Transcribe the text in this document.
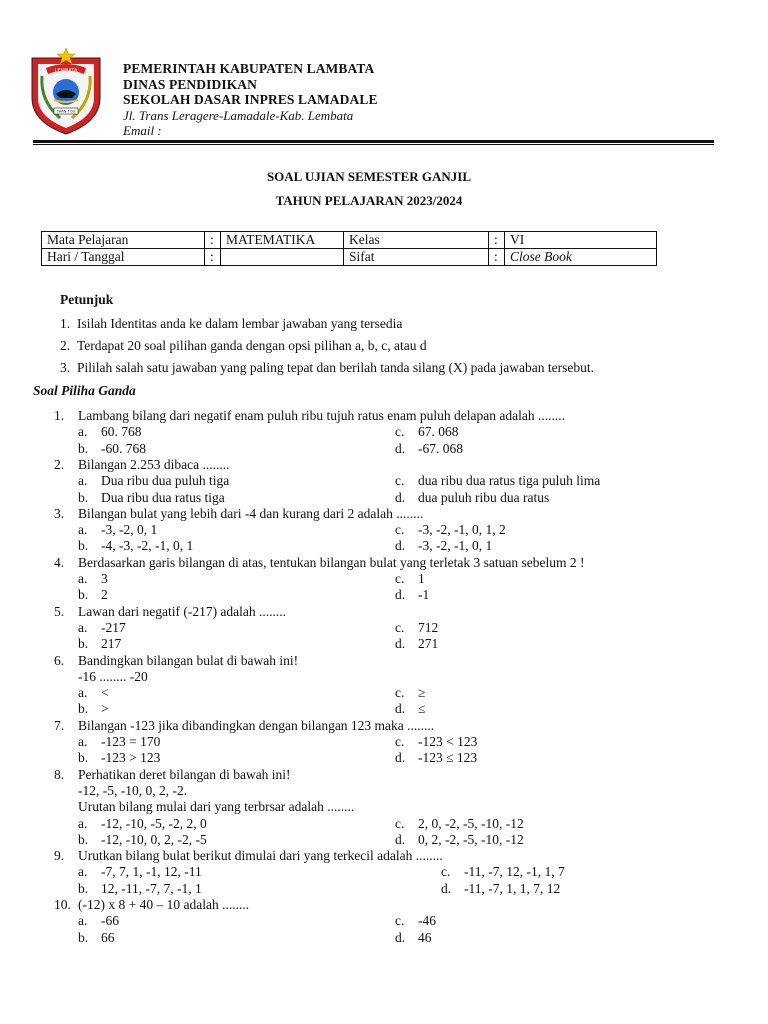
LEMBATA
TAAN TOU
PEMERINTAH KABUPATEN LAMBATA
DINAS PENDIDIKAN
SEKOLAH DASAR INPRES LAMADALE
Jl. Trans Leragere-Lamadale-Kab. Lembata
Email :
SOAL UJIAN SEMESTER GANJIL
TAHUN PELAJARAN 2023/2024
Mata Pelajaran	:	MATEMATIKA	Kelas	:	VI
Hari / Tanggal	:		Sifat	:	Close Book
Petunjuk
1. Isilah Identitas anda ke dalam lembar jawaban yang tersedia
2. Terdapat 20 soal pilihan ganda dengan opsi pilihan a, b, c, atau d
3. Pililah salah satu jawaban yang paling tepat dan berilah tanda silang (X) pada jawaban tersebut.
Soal Piliha Ganda
1. Lambang bilang dari negatif enam puluh ribu tujuh ratus enam puluh delapan adalah ........
a. 60. 768	c. 67. 068
b. -60. 768	d. -67. 068
2. Bilangan 2.253 dibaca ........
a. Dua ribu dua puluh tiga	c. dua ribu dua ratus tiga puluh lima
b. Dua ribu dua ratus tiga	d. dua puluh ribu dua ratus
3. Bilangan bulat yang lebih dari -4 dan kurang dari 2 adalah ........
a. -3, -2, 0, 1	c. -3, -2, -1, 0, 1, 2
b. -4, -3, -2, -1, 0, 1	d. -3, -2, -1, 0, 1
4. Berdasarkan garis bilangan di atas, tentukan bilangan bulat yang terletak 3 satuan sebelum 2 !
a. 3	c. 1
b. 2	d. -1
5. Lawan dari negatif (-217) adalah ........
a. -217	c. 712
b. 217	d. 271
6. Bandingkan bilangan bulat di bawah ini!
-16 ........ -20
a. <	c. ≥
b. >	d. ≤
7. Bilangan -123 jika dibandingkan dengan bilangan 123 maka ........
a. -123 = 170	c. -123 < 123
b. -123 > 123	d. -123 ≤ 123
8. Perhatikan deret bilangan di bawah ini!
-12, -5, -10, 0, 2, -2.
Urutan bilang mulai dari yang terbrsar adalah ........
a. -12, -10, -5, -2, 2, 0	c. 2, 0, -2, -5, -10, -12
b. -12, -10, 0, 2, -2, -5	d. 0, 2, -2, -5, -10, -12
9. Urutkan bilang bulat berikut dimulai dari yang terkecil adalah ........
a. -7, 7, 1, -1, 12, -11	c. -11, -7, 12, -1, 1, 7
b. 12, -11, -7, 7, -1, 1	d. -11, -7, 1, 1, 7, 12
10. (-12) x 8 + 40 – 10 adalah ........
a. -66	c. -46
b. 66	d. 46
